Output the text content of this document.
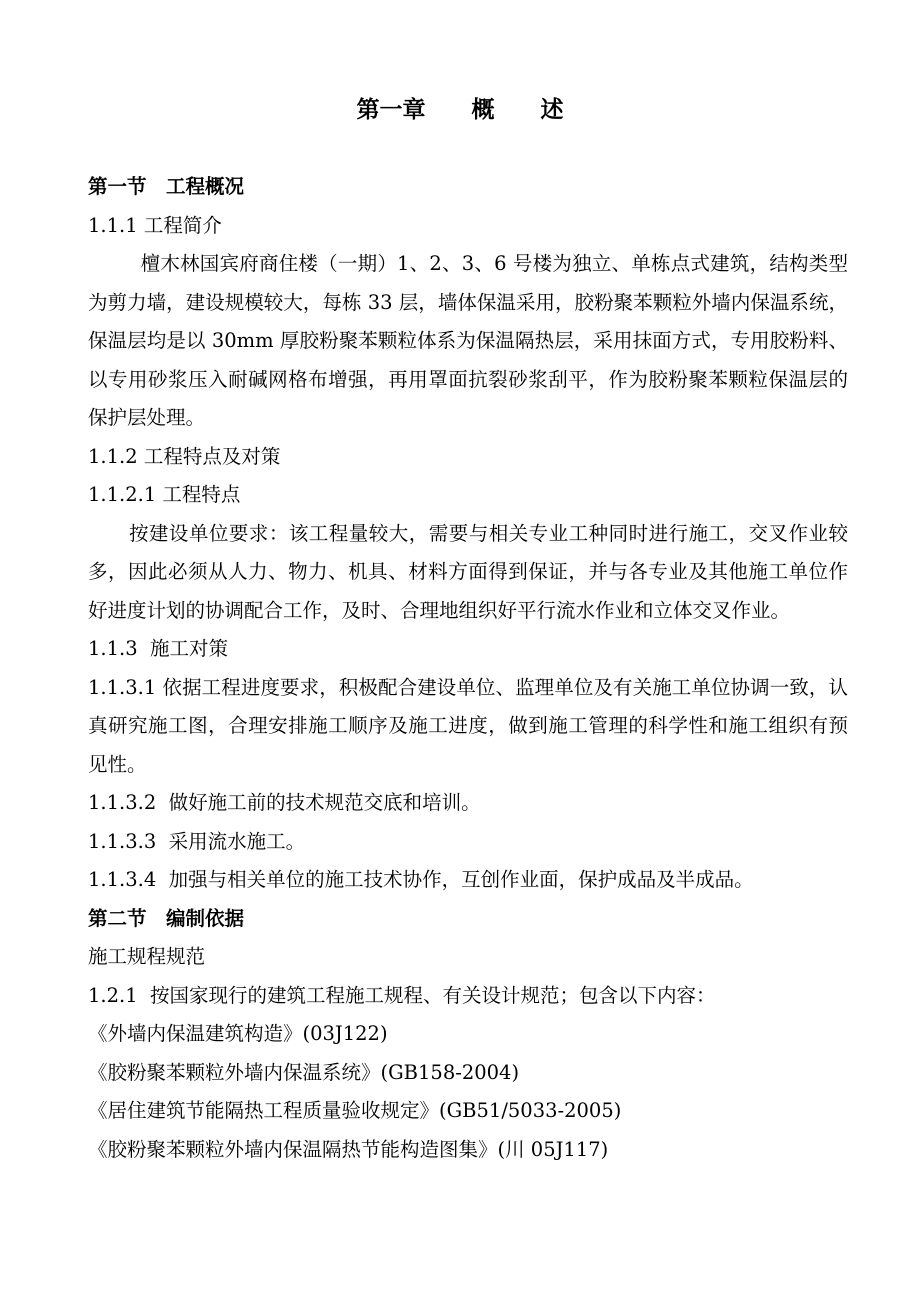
第一章　　概　　述

第一节　工程概况

1.1.1 工程简介

檀木林国宾府商住楼（一期）1、2、3、6 号楼为独立、单栋点式建筑，结构类型为剪力墙，建设规模较大，每栋 33 层，墙体保温采用，胶粉聚苯颗粒外墙内保温系统，保温层均是以 30mm 厚胶粉聚苯颗粒体系为保温隔热层，采用抹面方式，专用胶粉料、以专用砂浆压入耐碱网格布增强，再用罩面抗裂砂浆刮平，作为胶粉聚苯颗粒保温层的保护层处理。

1.1.2 工程特点及对策

1.1.2.1 工程特点

按建设单位要求：该工程量较大，需要与相关专业工种同时进行施工，交叉作业较多，因此必须从人力、物力、机具、材料方面得到保证，并与各专业及其他施工单位作好进度计划的协调配合工作，及时、合理地组织好平行流水作业和立体交叉作业。

1.1.3  施工对策

1.1.3.1 依据工程进度要求，积极配合建设单位、监理单位及有关施工单位协调一致，认真研究施工图，合理安排施工顺序及施工进度，做到施工管理的科学性和施工组织有预见性。

1.1.3.2  做好施工前的技术规范交底和培训。

1.1.3.3  采用流水施工。

1.1.3.4  加强与相关单位的施工技术协作，互创作业面，保护成品及半成品。

第二节　编制依据

施工规程规范

1.2.1  按国家现行的建筑工程施工规程、有关设计规范；包含以下内容：

《外墙内保温建筑构造》(03J122)

《胶粉聚苯颗粒外墙内保温系统》(GB158-2004)

《居住建筑节能隔热工程质量验收规定》(GB51/5033-2005)

《胶粉聚苯颗粒外墙内保温隔热节能构造图集》(川 05J117)
